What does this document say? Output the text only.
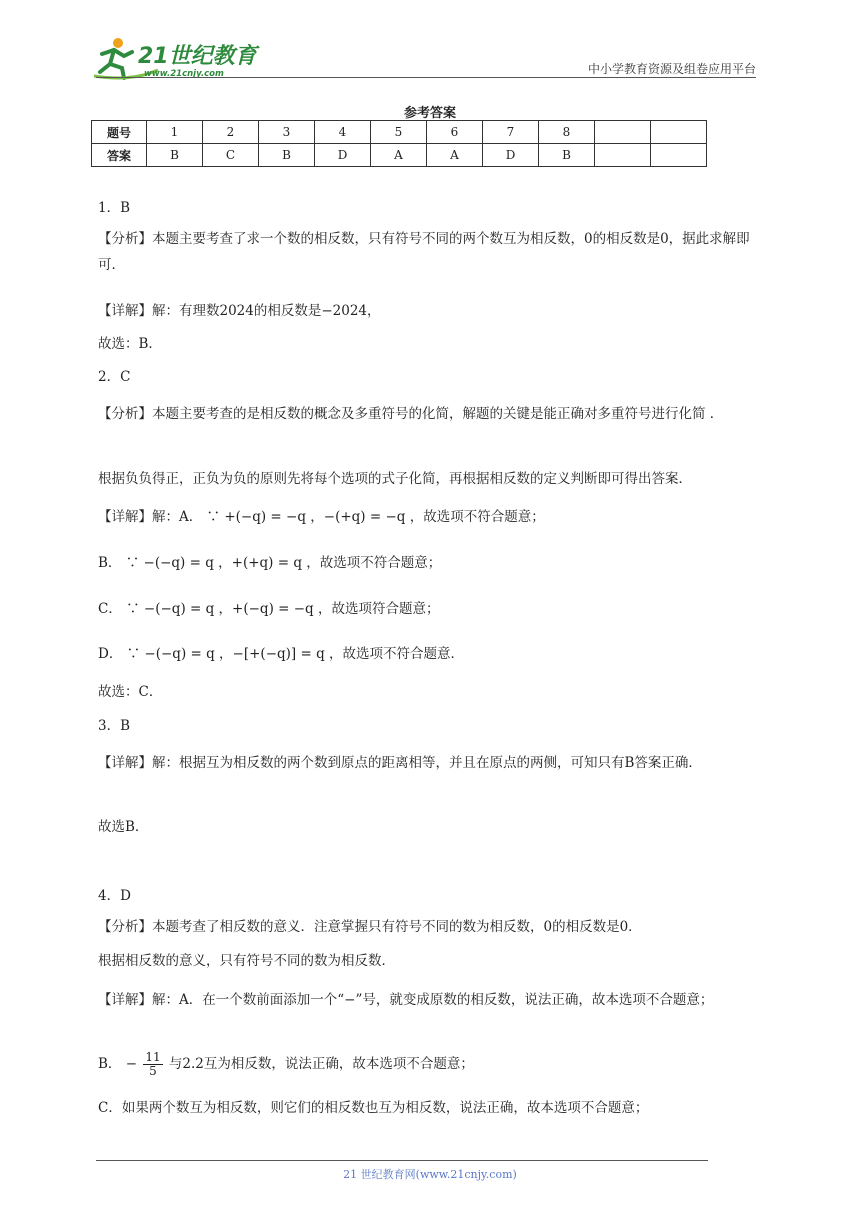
21世纪教育
www.21cnjy.com	中小学教育资源及组卷应用平台
参考答案
题号	1	2	3	4	5	6	7	8		
答案	B	C	B	D	A	A	D	B		
1．B
【分析】本题主要考查了求一个数的相反数，只有符号不同的两个数互为相反数，0的相反数是0，据此求解即可．
【详解】解：有理数2024的相反数是−2024，
故选：B．
2．C
【分析】本题主要考查的是相反数的概念及多重符号的化简，解题的关键是能正确对多重符号进行化简 ．
根据负负得正，正负为负的原则先将每个选项的式子化简，再根据相反数的定义判断即可得出答案．
【详解】解：A． ∵ +(−q) = −q ，−(+q) = −q ，故选项不符合题意；
B． ∵ −(−q) = q ，+(+q) = q ，故选项不符合题意；
C． ∵ −(−q) = q ，+(−q) = −q ，故选项符合题意；
D． ∵ −(−q) = q ，−[+(−q)] = q ，故选项不符合题意．
故选：C．
3．B
【详解】解：根据互为相反数的两个数到原点的距离相等，并且在原点的两侧，可知只有B答案正确．
故选B．
4．D
【分析】本题考查了相反数的意义．注意掌握只有符号不同的数为相反数，0的相反数是0．
根据相反数的意义，只有符号不同的数为相反数．
【详解】解：A．在一个数前面添加一个“−”号，就变成原数的相反数，说法正确，故本选项不合题意；
B． − $\frac{11}{5}$ 与2.2互为相反数，说法正确，故本选项不合题意；
C．如果两个数互为相反数，则它们的相反数也互为相反数，说法正确，故本选项不合题意；
21 世纪教育网(www.21cnjy.com)
